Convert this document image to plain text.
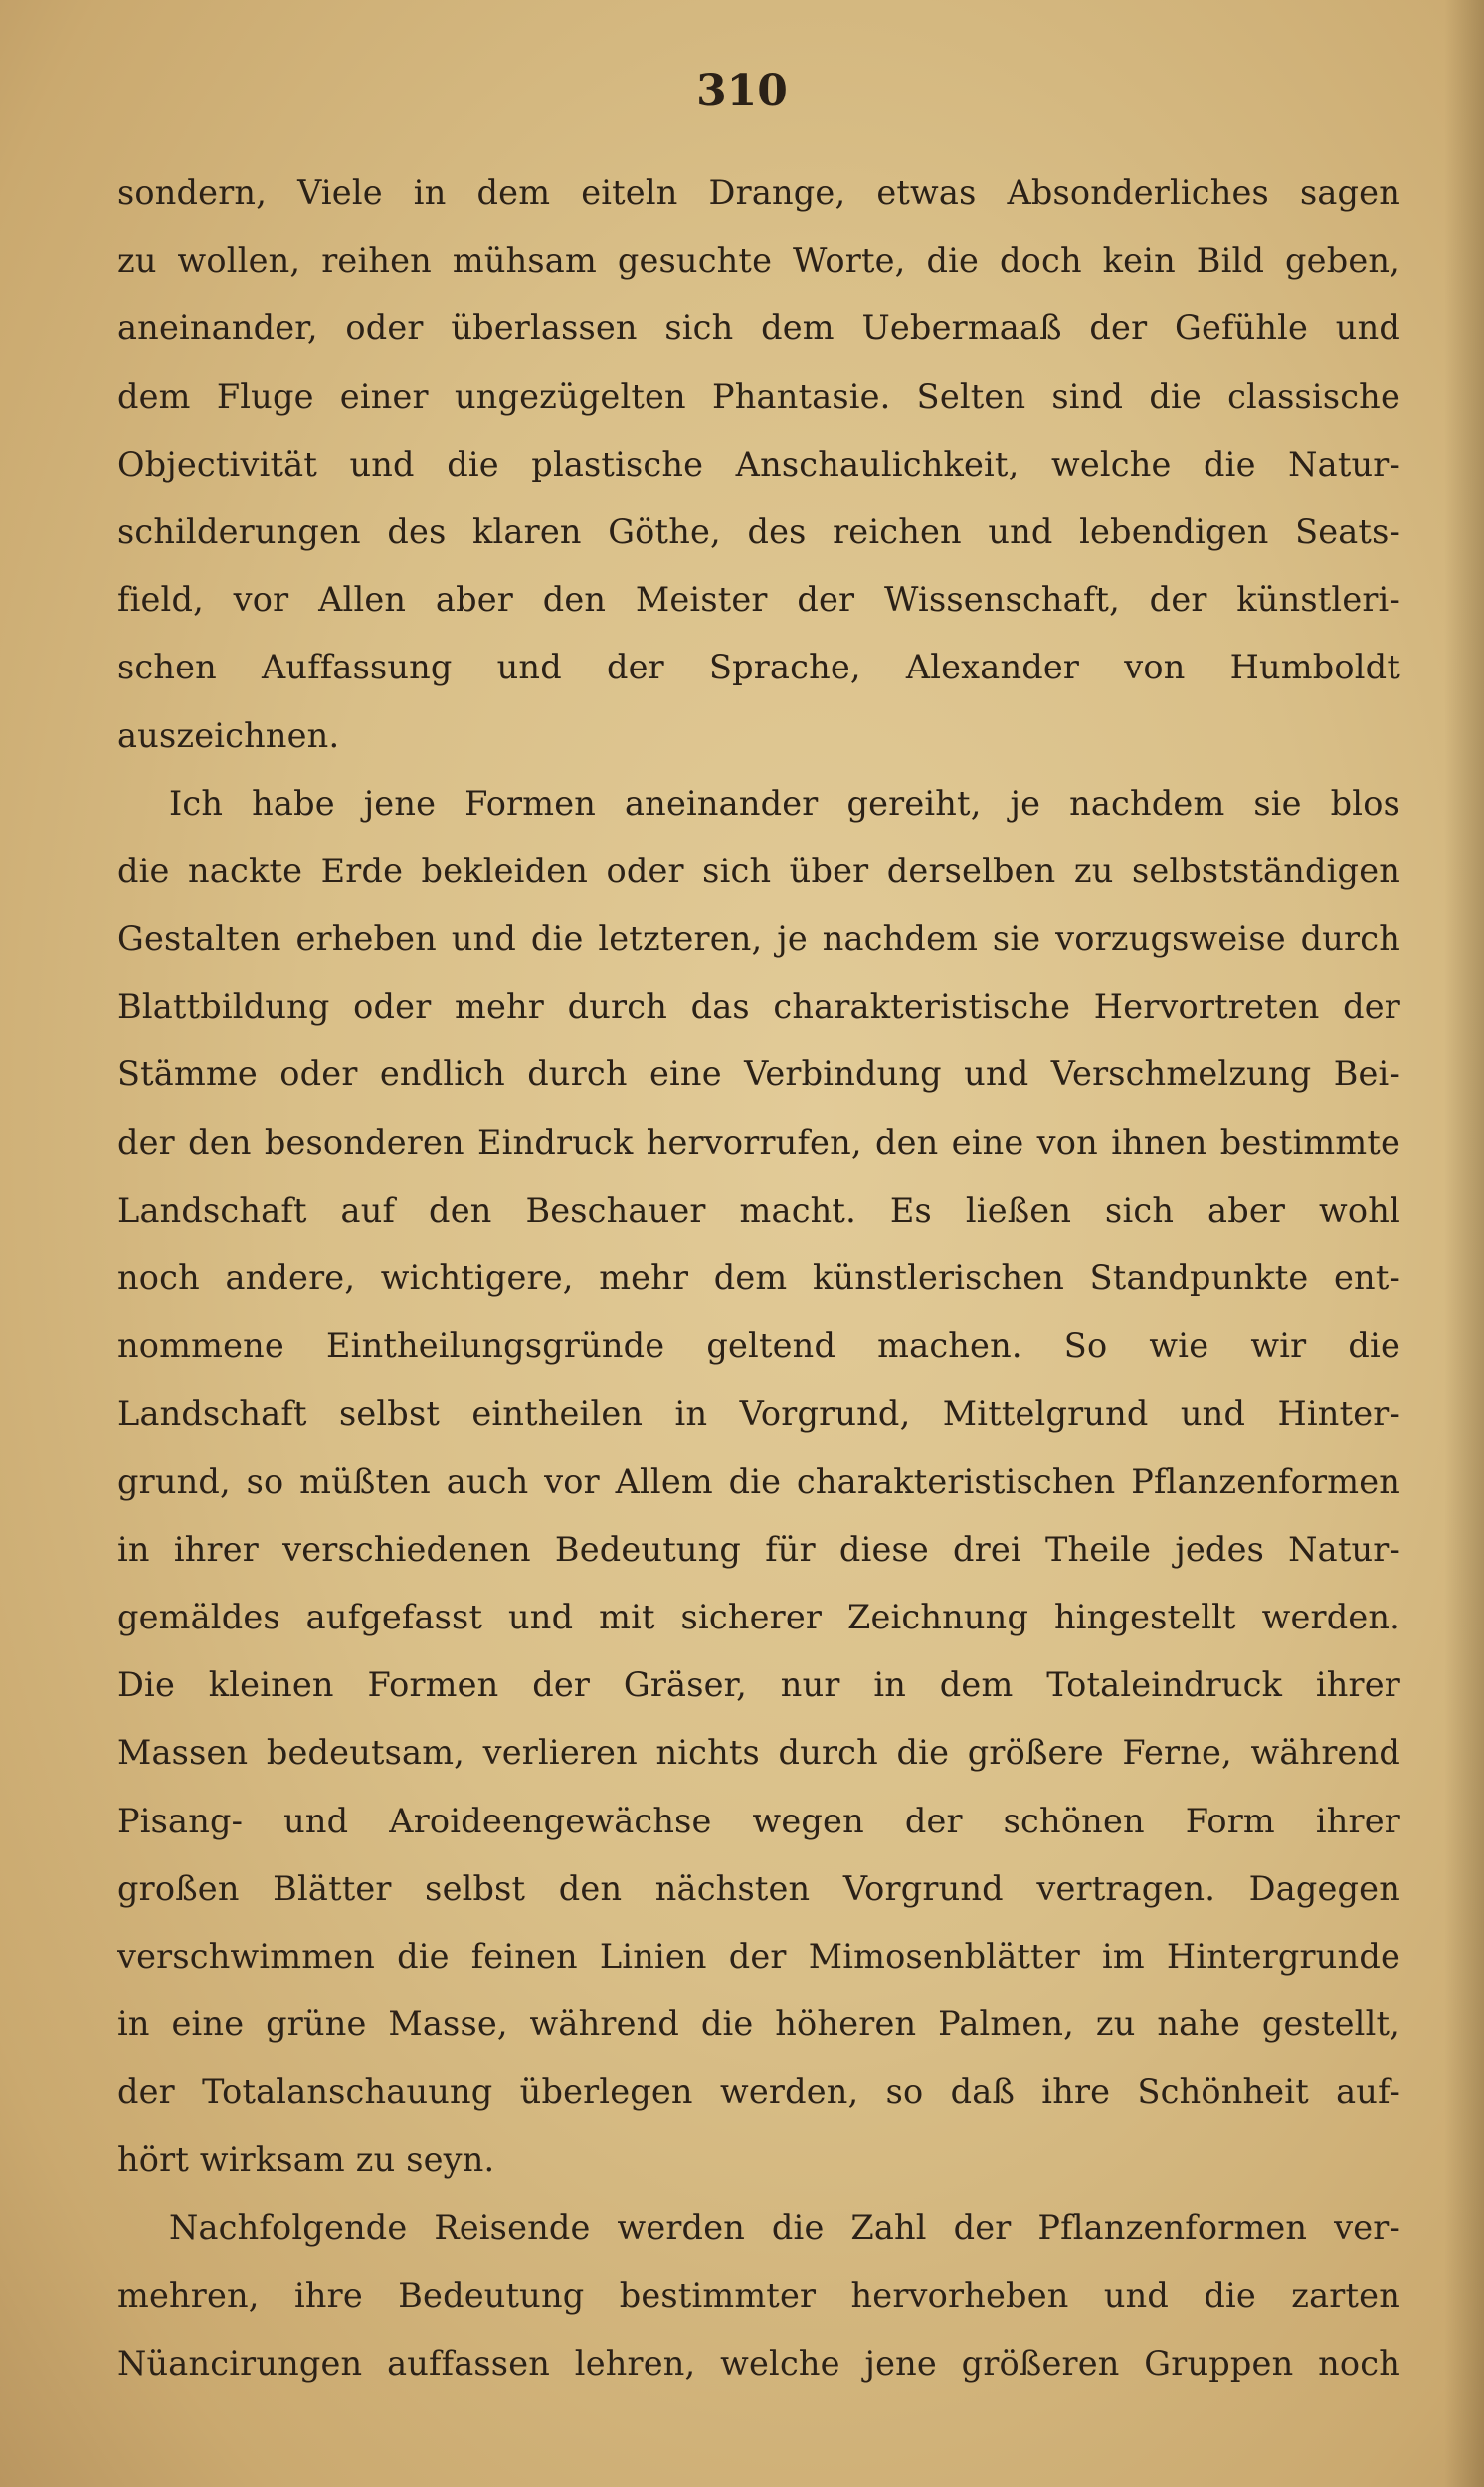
310
sondern, Viele in dem eiteln Drange, etwas Absonderliches sagen
zu wollen, reihen mühsam gesuchte Worte, die doch kein Bild geben,
aneinander, oder überlassen sich dem Uebermaaß der Gefühle und
dem Fluge einer ungezügelten Phantasie. Selten sind die classische
Objectivität und die plastische Anschaulichkeit, welche die Natur-
schilderungen des klaren Göthe, des reichen und lebendigen Seats-
field, vor Allen aber den Meister der Wissenschaft, der künstleri-
schen Auffassung und der Sprache, Alexander von Humboldt
auszeichnen.
Ich habe jene Formen aneinander gereiht, je nachdem sie blos
die nackte Erde bekleiden oder sich über derselben zu selbstständigen
Gestalten erheben und die letzteren, je nachdem sie vorzugsweise durch
Blattbildung oder mehr durch das charakteristische Hervortreten der
Stämme oder endlich durch eine Verbindung und Verschmelzung Bei-
der den besonderen Eindruck hervorrufen, den eine von ihnen bestimmte
Landschaft auf den Beschauer macht. Es ließen sich aber wohl
noch andere, wichtigere, mehr dem künstlerischen Standpunkte ent-
nommene Eintheilungsgründe geltend machen. So wie wir die
Landschaft selbst eintheilen in Vorgrund, Mittelgrund und Hinter-
grund, so müßten auch vor Allem die charakteristischen Pflanzenformen
in ihrer verschiedenen Bedeutung für diese drei Theile jedes Natur-
gemäldes aufgefasst und mit sicherer Zeichnung hingestellt werden.
Die kleinen Formen der Gräser, nur in dem Totaleindruck ihrer
Massen bedeutsam, verlieren nichts durch die größere Ferne, während
Pisang- und Aroideengewächse wegen der schönen Form ihrer
großen Blätter selbst den nächsten Vorgrund vertragen. Dagegen
verschwimmen die feinen Linien der Mimosenblätter im Hintergrunde
in eine grüne Masse, während die höheren Palmen, zu nahe gestellt,
der Totalanschauung überlegen werden, so daß ihre Schönheit auf-
hört wirksam zu seyn.
Nachfolgende Reisende werden die Zahl der Pflanzenformen ver-
mehren, ihre Bedeutung bestimmter hervorheben und die zarten
Nüancirungen auffassen lehren, welche jene größeren Gruppen noch
